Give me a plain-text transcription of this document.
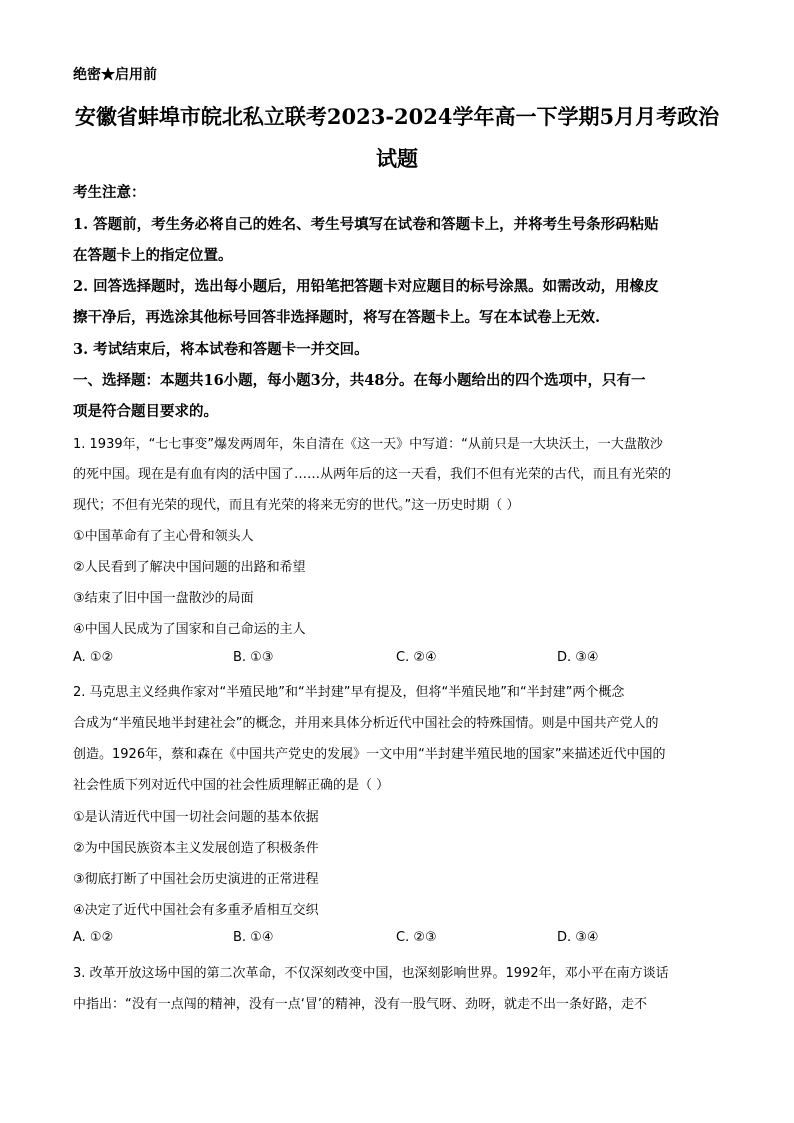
绝密★启用前
安徽省蚌埠市皖北私立联考2023-2024学年高一下学期5月月考政治
试题
考生注意：
1. 答题前，考生务必将自己的姓名、考生号填写在试卷和答题卡上，并将考生号条形码粘贴
在答题卡上的指定位置。
2. 回答选择题时，选出每小题后，用铅笔把答题卡对应题目的标号涂黑。如需改动，用橡皮
擦干净后，再选涂其他标号回答非选择题时，将写在答题卡上。写在本试卷上无效.
3. 考试结束后，将本试卷和答题卡一并交回。
一、选择题：本题共16小题，每小题3分，共48分。在每小题给出的四个选项中，只有一
项是符合题目要求的。
1. 1939年，“七七事变”爆发两周年，朱自清在《这一天》中写道：“从前只是一大块沃土，一大盘散沙
的死中国。现在是有血有肉的活中国了……从两年后的这一天看，我们不但有光荣的古代，而且有光荣的
现代；不但有光荣的现代，而且有光荣的将来无穷的世代。”这一历史时期（ ）
①中国革命有了主心骨和领头人
②人民看到了解决中国问题的出路和希望
③结束了旧中国一盘散沙的局面
④中国人民成为了国家和自己命运的主人
A. ①②	B. ①③	C. ②④	D. ③④
2. 马克思主义经典作家对“半殖民地”和“半封建”早有提及，但将“半殖民地”和“半封建”两个概念
合成为“半殖民地半封建社会”的概念，并用来具体分析近代中国社会的特殊国情。则是中国共产党人的
创造。1926年，蔡和森在《中国共产党史的发展》一文中用“半封建半殖民地的国家”来描述近代中国的
社会性质下列对近代中国的社会性质理解正确的是（ ）
①是认清近代中国一切社会问题的基本依据
②为中国民族资本主义发展创造了积极条件
③彻底打断了中国社会历史演进的正常进程
④决定了近代中国社会有多重矛盾相互交织
A. ①②	B. ①④	C. ②③	D. ③④
3. 改革开放这场中国的第二次革命，不仅深刻改变中国，也深刻影响世界。1992年，邓小平在南方谈话
中指出：“没有一点闯的精神，没有一点‘冒’的精神，没有一股气呀、劲呀，就走不出一条好路，走不
